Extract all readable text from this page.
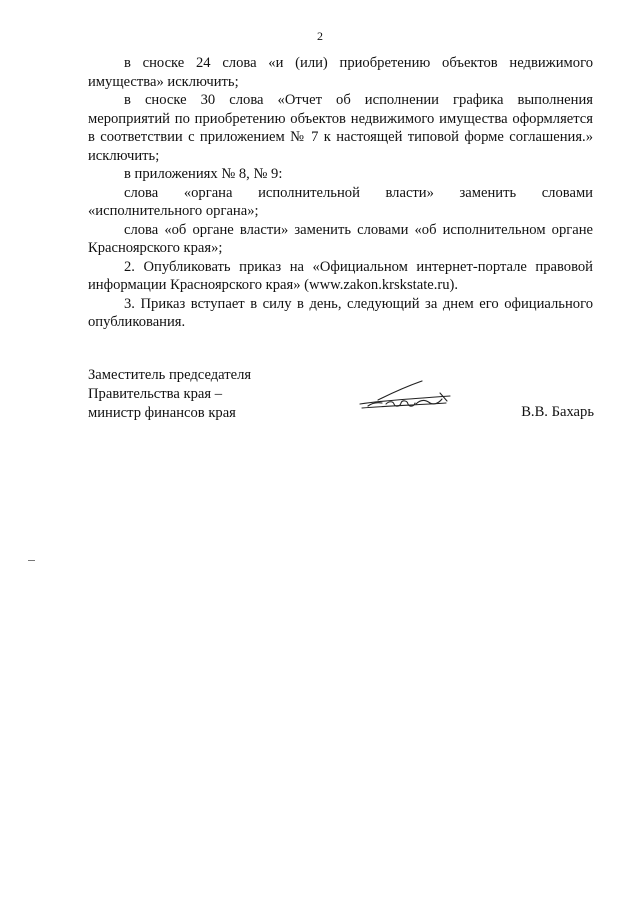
2

в сноске 24 слова «и (или) приобретению объектов недвижимого имущества» исключить;

в сноске 30 слова «Отчет об исполнении графика выполнения мероприятий по приобретению объектов недвижимого имущества оформляется в соответствии с приложением № 7 к настоящей типовой форме соглашения.» исключить;

в приложениях № 8, № 9:

слова «органа исполнительной власти» заменить словами «исполнительного органа»;

слова «об органе власти» заменить словами «об исполнительном органе Красноярского края»;

2. Опубликовать приказ на «Официальном интернет-портале правовой информации Красноярского края» (www.zakon.krskstate.ru).

3. Приказ вступает в силу в день, следующий за днем его официального опубликования.

Заместитель председателя
Правительства края –
министр финансов края	В.В. Бахарь
